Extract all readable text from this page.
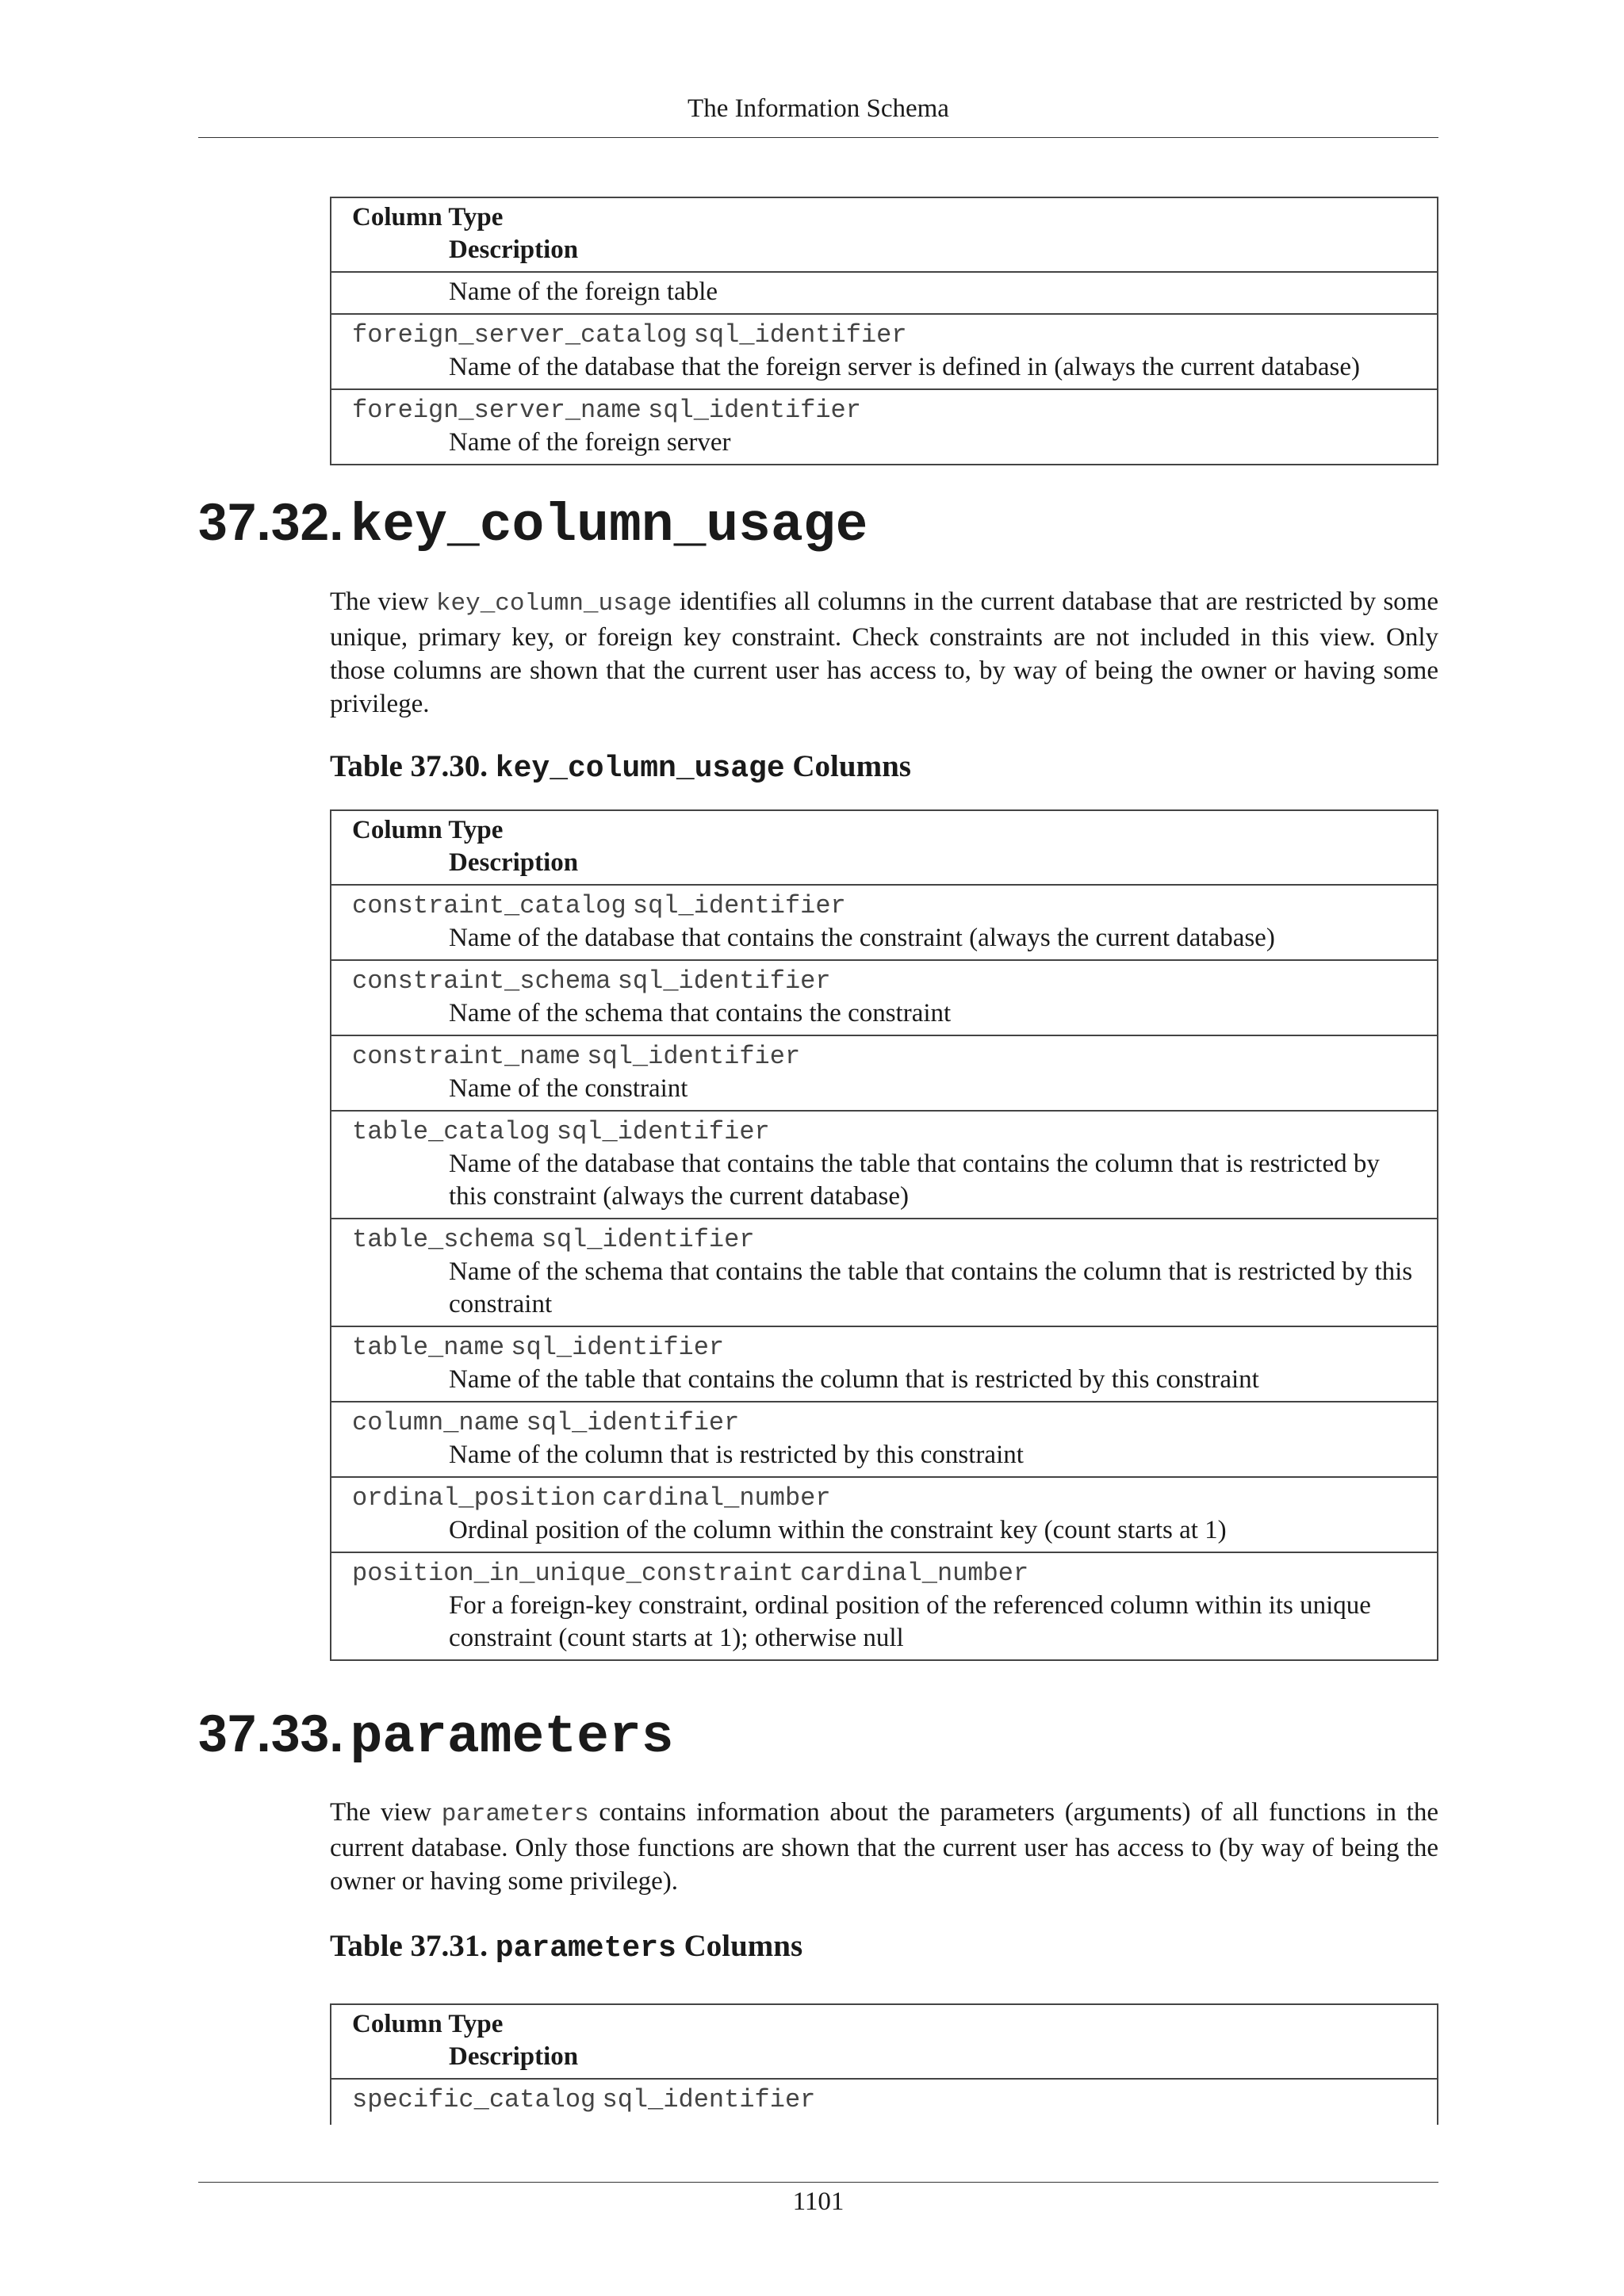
The Information Schema
Column Type
Description

Name of the foreign table

foreign_server_catalog sql_identifier
Name of the database that the foreign server is defined in (always the current database)

foreign_server_name sql_identifier
Name of the foreign server
37.32. key_column_usage

The view key_column_usage identifies all columns in the current database that are restricted by some unique, primary key, or foreign key constraint. Check constraints are not included in this view. Only those columns are shown that the current user has access to, by way of being the owner or having some privilege.

Table 37.30. key_column_usage Columns
Column Type
Description

constraint_catalog sql_identifier
Name of the database that contains the constraint (always the current database)

constraint_schema sql_identifier
Name of the schema that contains the constraint

constraint_name sql_identifier
Name of the constraint

table_catalog sql_identifier
Name of the database that contains the table that contains the column that is restricted by this constraint (always the current database)

table_schema sql_identifier
Name of the schema that contains the table that contains the column that is restricted by this constraint

table_name sql_identifier
Name of the table that contains the column that is restricted by this constraint

column_name sql_identifier
Name of the column that is restricted by this constraint

ordinal_position cardinal_number
Ordinal position of the column within the constraint key (count starts at 1)

position_in_unique_constraint cardinal_number
For a foreign-key constraint, ordinal position of the referenced column within its unique constraint (count starts at 1); otherwise null
37.33. parameters

The view parameters contains information about the parameters (arguments) of all functions in the current database. Only those functions are shown that the current user has access to (by way of being the owner or having some privilege).

Table 37.31. parameters Columns
Column Type
Description

specific_catalog sql_identifier
1101
